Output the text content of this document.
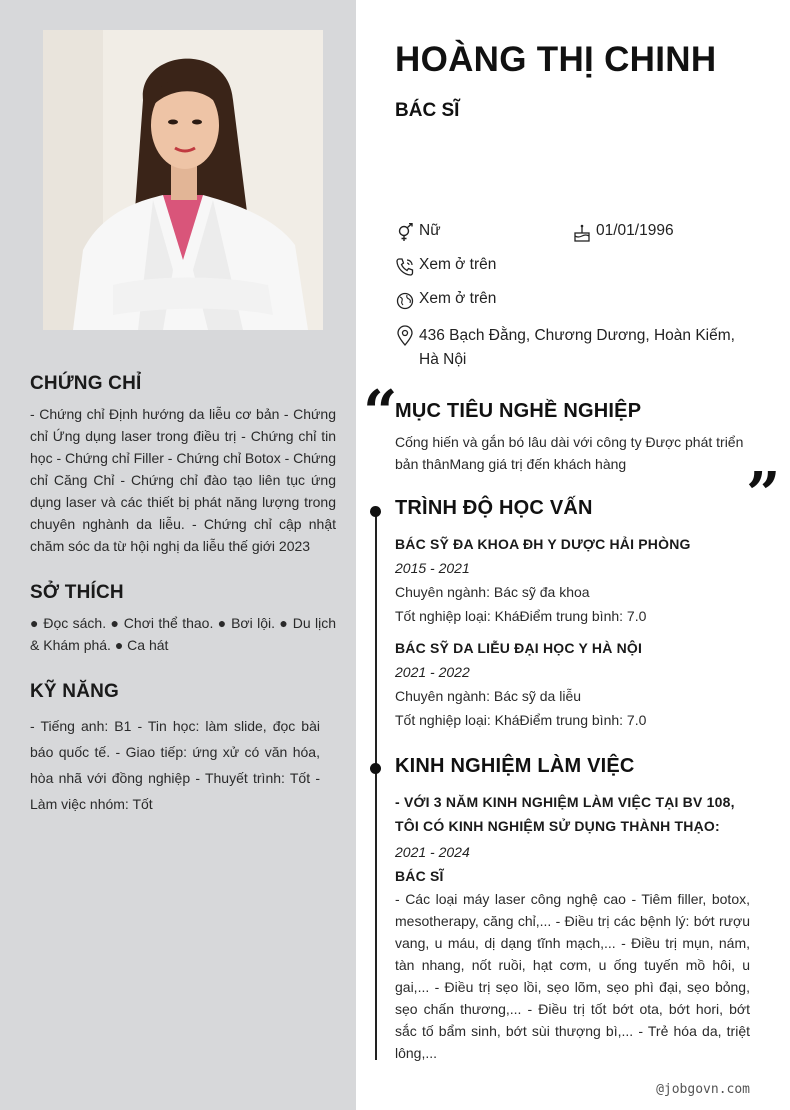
CHỨNG CHỈ

- Chứng chỉ Định hướng da liễu cơ bản - Chứng chỉ Ứng dụng laser trong điều trị - Chứng chỉ tin học - Chứng chỉ Filler - Chứng chỉ Botox - Chứng chỉ Căng Chỉ - Chứng chỉ đào tạo liên tục ứng dụng laser và các thiết bị phát năng lượng trong chuyên nghành da liễu. - Chứng chỉ cập nhật chăm sóc da từ hội nghị da liễu thế giới 2023

SỞ THÍCH

● Đọc sách. ● Chơi thể thao. ● Bơi lội. ● Du lịch & Khám phá. ● Ca hát

KỸ NĂNG

- Tiếng anh: B1 - Tin học: làm slide, đọc bài báo quốc tế. - Giao tiếp: ứng xử có văn hóa, hòa nhã với đồng nghiệp - Thuyết trình: Tốt - Làm việc nhóm: Tốt

HOÀNG THỊ CHINH
BÁC SĨ
Nữ	01/01/1996
Xem ở trên
Xem ở trên
436 Bạch Đằng, Chương Dương, Hoàn Kiếm,
Hà Nội
“
”
MỤC TIÊU NGHỀ NGHIỆP

Cống hiến và gắn bó lâu dài với công ty Được phát triển bản thânMang giá trị đến khách hàng

TRÌNH ĐỘ HỌC VẤN

BÁC SỸ ĐA KHOA ĐH Y DƯỢC HẢI PHÒNG

2015 - 2021

Chuyên ngành: Bác sỹ đa khoa

Tốt nghiệp loại: KháĐiểm trung bình: 7.0

BÁC SỸ DA LIỄU ĐẠI HỌC Y HÀ NỘI

2021 - 2022

Chuyên ngành: Bác sỹ da liễu

Tốt nghiệp loại: KháĐiểm trung bình: 7.0

KINH NGHIỆM LÀM VIỆC

- VỚI 3 NĂM KINH NGHIỆM LÀM VIỆC TẠI BV 108, TÔI CÓ KINH NGHIỆM SỬ DỤNG THÀNH THẠO:

2021 - 2024

BÁC SĨ

- Các loại máy laser công nghệ cao - Tiêm filler, botox, mesotherapy, căng chỉ,... - Điều trị các bệnh lý: bớt rượu vang, u máu, dị dạng tĩnh mạch,... - Điều trị mụn, nám, tàn nhang, nốt ruồi, hạt cơm, u ống tuyến mồ hôi, u gai,... - Điều trị sẹo lồi, sẹo lõm, sẹo phì đại, sẹo bỏng, sẹo chấn thương,... - Điều trị tốt bớt ota, bớt hori, bớt sắc tố bẩm sinh, bớt sùi thượng bì,... - Trẻ hóa da, triệt lông,...

@jobgovn.com
